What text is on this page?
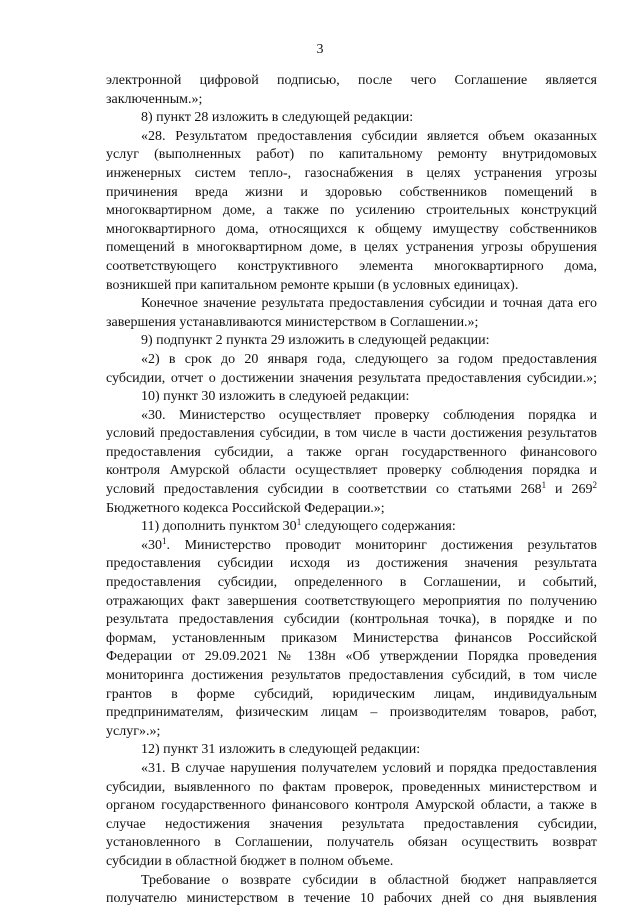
3
электронной цифровой подписью, после чего Соглашение является
заключенным.»;
8) пункт 28 изложить в следующей редакции:
«28. Результатом предоставления субсидии является объем оказанных
услуг (выполненных работ) по капитальному ремонту внутридомовых
инженерных систем тепло-, газоснабжения в целях устранения угрозы
причинения вреда жизни и здоровью собственников помещений в
многоквартирном доме, а также по усилению строительных конструкций
многоквартирного дома, относящихся к общему имуществу собственников
помещений в многоквартирном доме, в целях устранения угрозы обрушения
соответствующего конструктивного элемента многоквартирного дома,
возникшей при капитальном ремонте крыши (в условных единицах).
Конечное значение результата предоставления субсидии и точная дата его
завершения устанавливаются министерством в Соглашении.»;
9) подпункт 2 пункта 29 изложить в следующей редакции:
«2) в срок до 20 января года, следующего за годом предоставления
субсидии, отчет о достижении значения результата предоставления субсидии.»;
10) пункт 30 изложить в следуюей редакции:
«30. Министерство осуществляет проверку соблюдения порядка и
условий предоставления субсидии, в том числе в части достижения результатов
предоставления субсидии, а также орган государственного финансового
контроля Амурской области осуществляет проверку соблюдения порядка и
условий предоставления субсидии в соответствии со статьями $268^1$ и $269^2$
Бюджетного кодекса Российской Федерации.»;
11) дополнить пунктом $30^1$ следующего содержания:
«$30^1$. Министерство проводит мониторинг достижения результатов
предоставления субсидии исходя из достижения значения результата
предоставления субсидии, определенного в Соглашении, и событий,
отражающих факт завершения соответствующего мероприятия по получению
результата предоставления субсидии (контрольная точка), в порядке и по
формам, установленным приказом Министерства финансов Российской
Федерации от 29.09.2021 № 138н «Об утверждении Порядка проведения
мониторинга достижения результатов предоставления субсидий, в том числе
грантов в форме субсидий, юридическим лицам, индивидуальным
предпринимателям, физическим лицам – производителям товаров, работ,
услуг».»;
12) пункт 31 изложить в следующей редакции:
«31. В случае нарушения получателем условий и порядка предоставления
субсидии, выявленного по фактам проверок, проведенных министерством и
органом государственного финансового контроля Амурской области, а также в
случае недостижения значения результата предоставления субсидии,
установленного в Соглашении, получатель обязан осуществить возврат
субсидии в областной бюджет в полном объеме.
Требование о возврате субсидии в областной бюджет направляется
получателю министерством в течение 10 рабочих дней со дня выявления
